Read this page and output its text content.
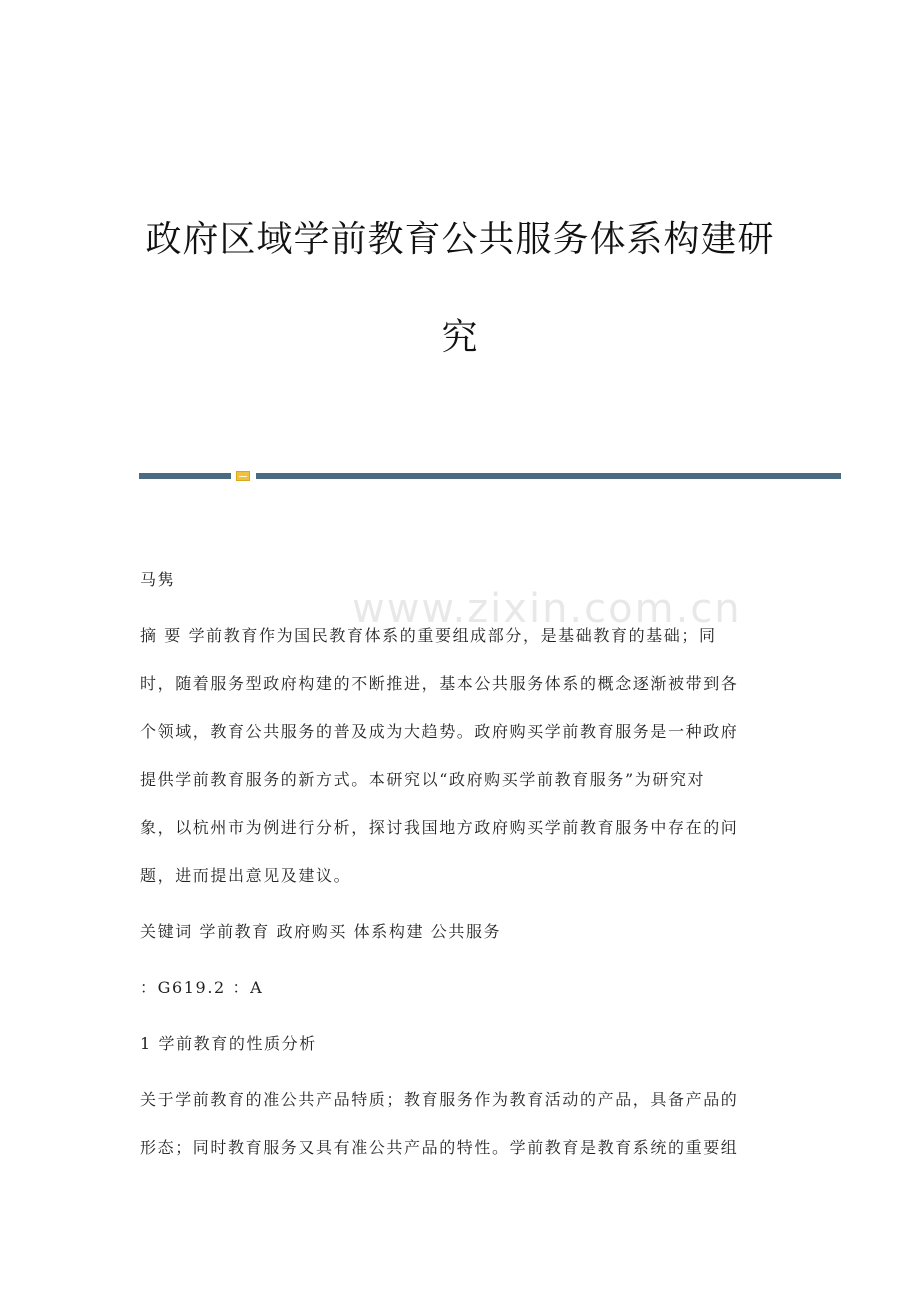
政府区域学前教育公共服务体系构建研
究
www.zixin.com.cn

马隽

摘 要 学前教育作为国民教育体系的重要组成部分，是基础教育的基础；同

时，随着服务型政府构建的不断推进，基本公共服务体系的概念逐渐被带到各

个领域，教育公共服务的普及成为大趋势。政府购买学前教育服务是一种政府

提供学前教育服务的新方式。本研究以“政府购买学前教育服务”为研究对

象，以杭州市为例进行分析，探讨我国地方政府购买学前教育服务中存在的问

题，进而提出意见及建议。

关键词 学前教育 政府购买 体系构建 公共服务

：G619.2 ：A

1 学前教育的性质分析

关于学前教育的准公共产品特质；教育服务作为教育活动的产品，具备产品的

形态；同时教育服务又具有准公共产品的特性。学前教育是教育系统的重要组
